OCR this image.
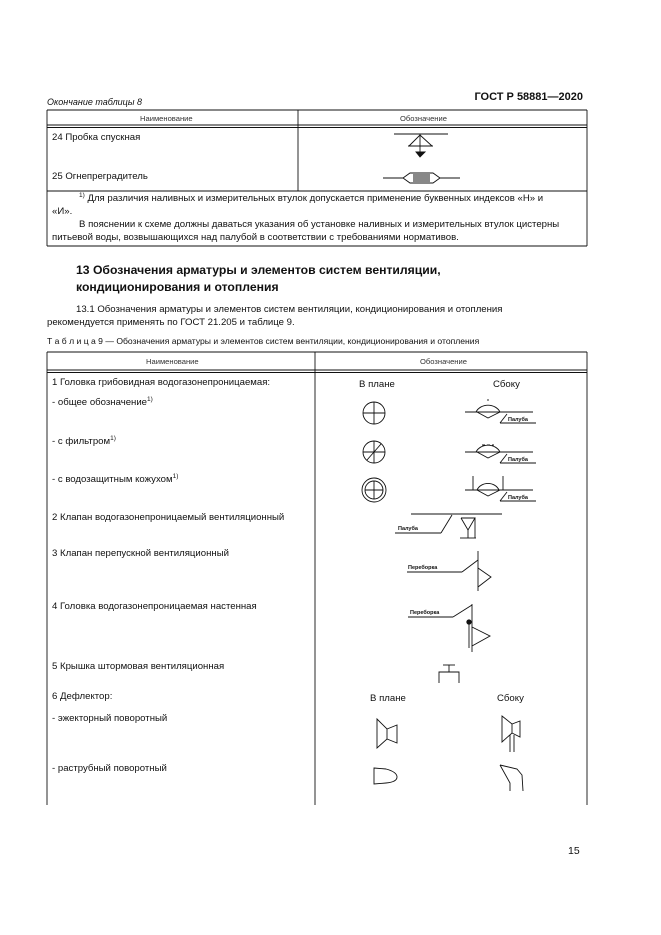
Палуба
Палуба
Палуба
Палуба
Переборка
Переборка
ГОСТ Р 58881—2020
Окончание таблицы 8
Наименование	Обозначение
24 Пробка спускная
25 Огнепреградитель
$^{1)}$ Для различия наливных и измерительных втулок допускается применение буквенных индексов «Н» и
«И».
В пояснении к схеме должны даваться указания об установке наливных и измерительных втулок цистерны
питьевой воды, возвышающихся над палубой в соответствии с требованиями нормативов.
13 Обозначения арматуры и элементов систем вентиляции,
кондиционирования и отопления
13.1 Обозначения арматуры и элементов систем вентиляции, кондиционирования и отопления
рекомендуется применять по ГОСТ 21.205 и таблице 9.
Т а б л и ц а 9 — Обозначения арматуры и элементов систем вентиляции, кондиционирования и отопления
Наименование	Обозначение
В плане	Сбоку
В плане	Сбоку
1 Головка грибовидная водогазонепроницаемая:
- общее обозначение$^{1)}$
- с фильтром$^{1)}$
- с водозащитным кожухом$^{1)}$
2 Клапан водогазонепроницаемый вентиляционный
3 Клапан перепускной вентиляционный
4 Головка водогазонепроницаемая настенная
5 Крышка штормовая вентиляционная
6 Дефлектор:
- эжекторный поворотный
- раструбный поворотный
15
